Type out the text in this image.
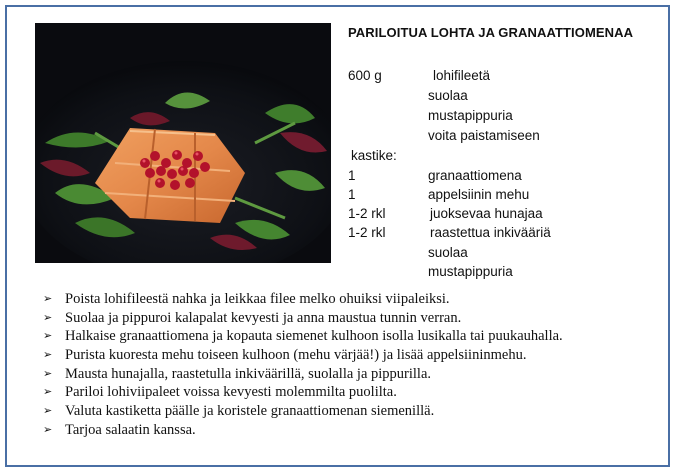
PARILOITUA LOHTA JA GRANAATTIOMENAA
600 g	lohifileetä
suolaa
mustapippuria
voita paistamiseen
kastike:
1	granaattiomena
1	appelsiinin mehu
1-2 rkl	juoksevaa hunajaa
1-2 rkl	raastettua inkivääriä
suolaa
mustapippuria
➢ Poista lohifileestä nahka ja leikkaa filee melko ohuiksi viipaleiksi.
➢ Suolaa ja pippuroi kalapalat kevyesti ja anna maustua tunnin verran.
➢ Halkaise granaattiomena ja kopauta siemenet kulhoon isolla lusikalla tai puukauhalla.
➢ Purista kuoresta mehu toiseen kulhoon (mehu värjää!) ja lisää appelsiininmehu.
➢ Mausta hunajalla, raastetulla inkiväärillä, suolalla ja pippurilla.
➢ Pariloi lohiviipaleet voissa kevyesti molemmilta puolilta.
➢ Valuta kastiketta päälle ja koristele granaattiomenan siemenillä.
➢ Tarjoa salaatin kanssa.
